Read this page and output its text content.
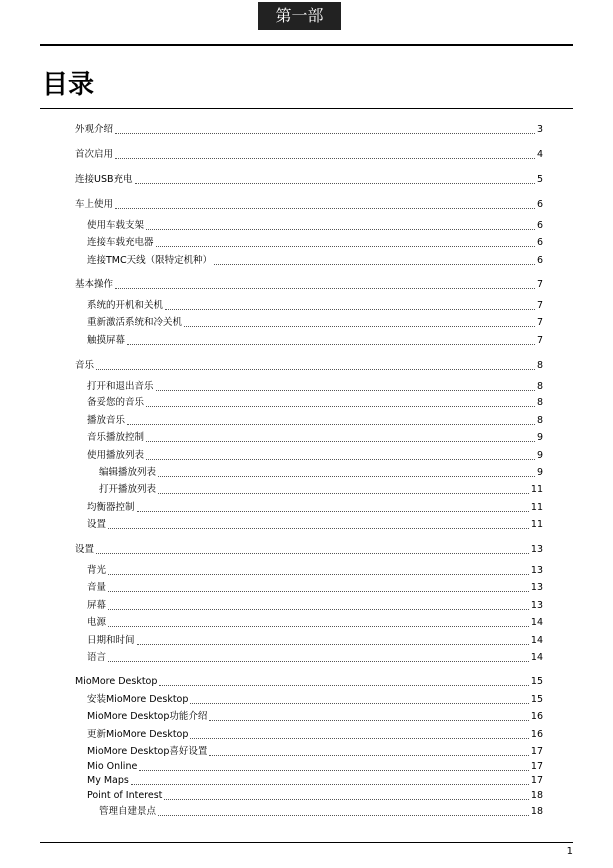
第一部
目录
外观介绍	3
首次启用	4
连接USB充电	5
车上使用	6
使用车载支架	6
连接车载充电器	6
连接TMC天线（限特定机种）	6
基本操作	7
系统的开机和关机	7
重新激活系统和冷关机	7
触摸屏幕	7
音乐	8
打开和退出音乐	8
备妥您的音乐	8
播放音乐	8
音乐播放控制	9
使用播放列表	9
编辑播放列表	9
打开播放列表	11
均衡器控制	11
设置	11
设置	13
背光	13
音量	13
屏幕	13
电源	14
日期和时间	14
语言	14
MioMore Desktop	15
安装MioMore Desktop	15
MioMore Desktop功能介绍	16
更新MioMore Desktop	16
MioMore Desktop喜好设置	17
Mio Online	17
My Maps	17
Point of Interest	18
管理自建景点	18
1
